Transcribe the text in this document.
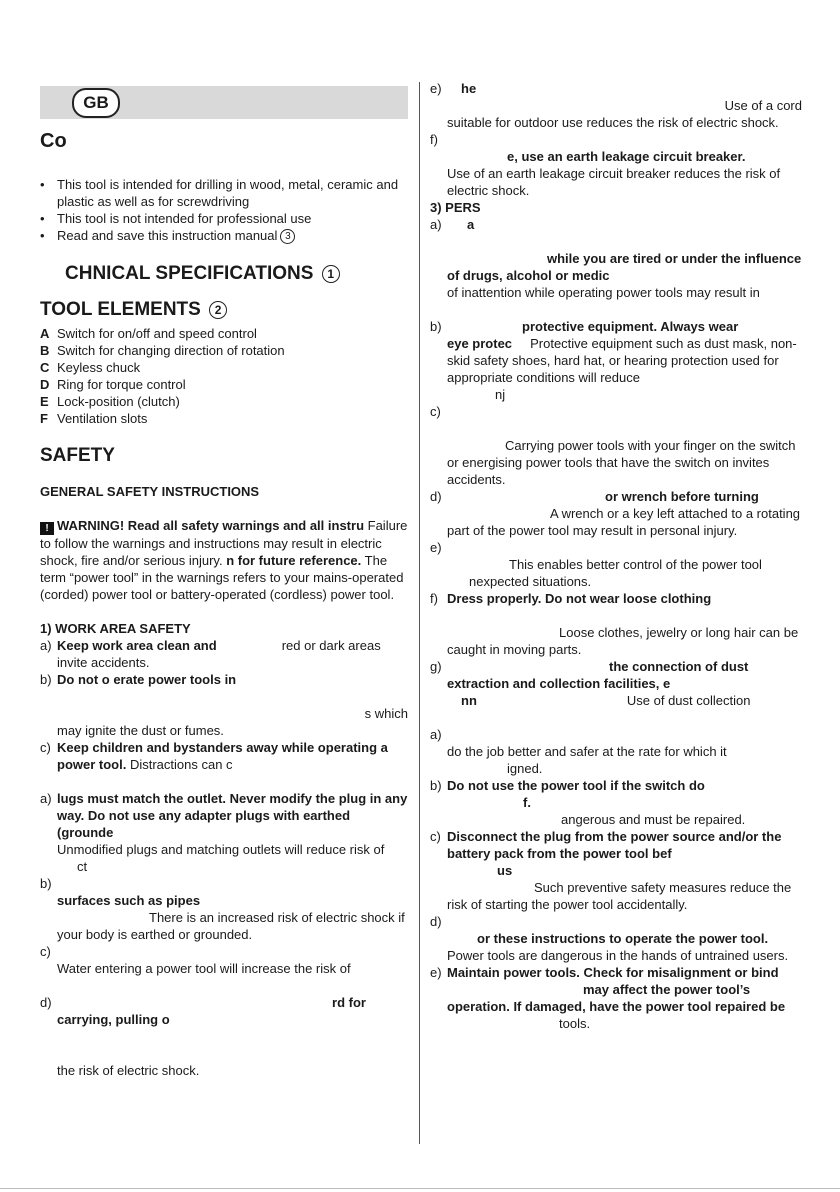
GB
Co
• This tool is intended for drilling in wood, metal, ceramic and plastic as well as for screwdriving
• This tool is not intended for professional use
• Read and save this instruction manual 3
CHNICAL SPECIFICATIONS 1
TOOL ELEMENTS 2
A Switch for on/off and speed control
B Switch for changing direction of rotation
C Keyless chuck
D Ring for torque control
E Lock-position (clutch)
F Ventilation slots
SAFETY
GENERAL SAFETY INSTRUCTIONS
! WARNING! Read all safety warnings and all instru Failure to follow the warnings and instructions may result in electric shock, fire and/or serious injury. n for future reference. The term “power tool” in the warnings refers to your mains-operated (corded) power tool or battery-operated (cordless) power tool.
1) WORK AREA SAFETY
a) Keep work area clean and	red or dark areas invite accidents.
b) Do not o erate power tools in
s which
may ignite the dust or fumes.
c) Keep children and bystanders away while operating a power tool. Distractions can c
a) lugs must match the outlet. Never modify the plug in any way. Do not use any adapter plugs with earthed (grounde
Unmodified plugs and matching outlets will reduce risk of
ct
b)
surfaces such as pipes
There is an increased risk of electric shock if your body is earthed or grounded.
c)
Water entering a power tool will increase the risk of
d)	rd for
carrying, pulling o
the risk of electric shock.
e)	he
Use of a cord
suitable for outdoor use reduces the risk of electric shock.
f)
e, use an earth leakage circuit breaker.
Use of an earth leakage circuit breaker reduces the risk of electric shock.
3) PERS
a)	a
while you are tired or under the influence of drugs, alcohol or medic
of inattention while operating power tools may result in
b)	protective equipment. Always wear
eye protec Protective equipment such as dust mask, non-skid safety shoes, hard hat, or hearing protection used for appropriate conditions will reduce
nj
c)
Carrying power tools with your finger on the switch or energising power tools that have the switch on invites accidents.
d)	or wrench before turning
A wrench or a key left attached to a rotating part of the power tool may result in personal injury.
e)
This enables better control of the power tool
nexpected situations.
f) Dress properly. Do not wear loose clothing
Loose clothes, jewelry or long hair can be caught in moving parts.
g)	the connection of dust
extraction and collection facilities, e
nn	Use of dust collection
a)
do the job better and safer at the rate for which it
igned.
b) Do not use the power tool if the switch do
f.
angerous and must be repaired.
c) Disconnect the plug from the power source and/or the battery pack from the power tool bef
us
Such preventive safety measures reduce the risk of starting the power tool accidentally.
d)
or these instructions to operate the power tool.
Power tools are dangerous in the hands of untrained users.
e) Maintain power tools. Check for misalignment or bind
may affect the power tool’s operation. If damaged, have the power tool repaired be
tools.
